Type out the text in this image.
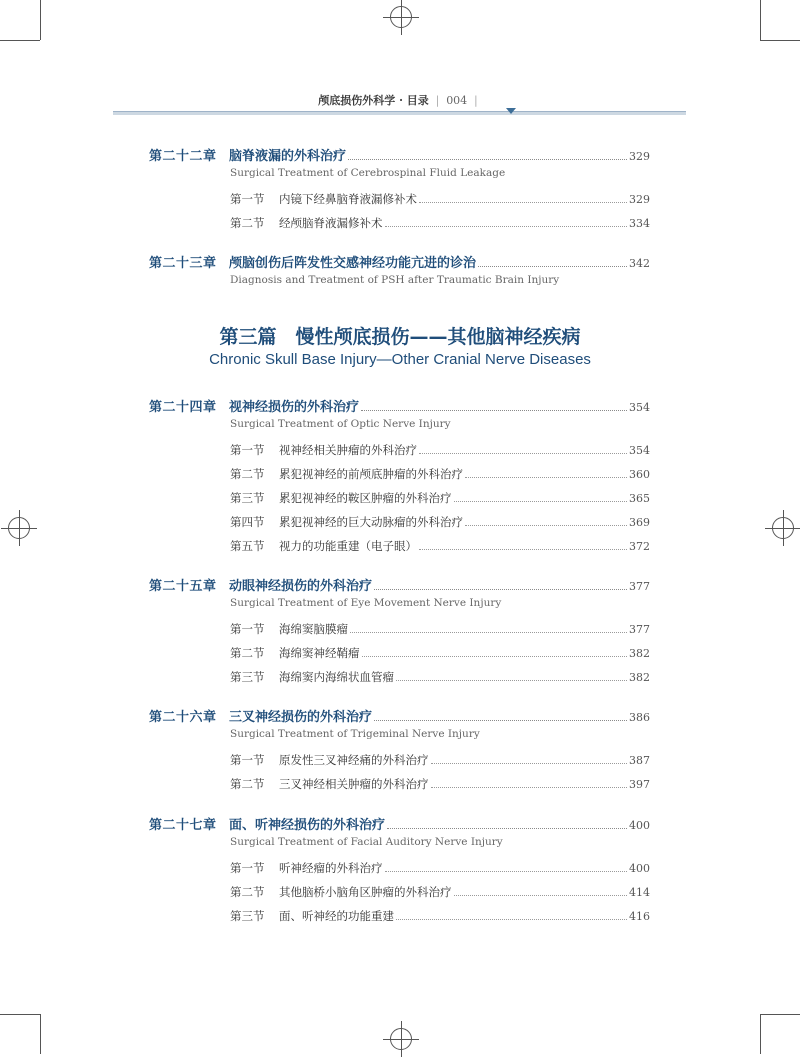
颅底损伤外科学 · 目录 | 004 |
第二十二章 脑脊液漏的外科治疗	329
Surgical Treatment of Cerebrospinal Fluid Leakage
第一节	内镜下经鼻脑脊液漏修补术	329
第二节	经颅脑脊液漏修补术	334
第二十三章 颅脑创伤后阵发性交感神经功能亢进的诊治	342
Diagnosis and Treatment of PSH after Traumatic Brain Injury
第二十四章 视神经损伤的外科治疗	354
Surgical Treatment of Optic Nerve Injury
第一节	视神经相关肿瘤的外科治疗	354
第二节	累犯视神经的前颅底肿瘤的外科治疗	360
第三节	累犯视神经的鞍区肿瘤的外科治疗	365
第四节	累犯视神经的巨大动脉瘤的外科治疗	369
第五节	视力的功能重建（电子眼）	372
第二十五章 动眼神经损伤的外科治疗	377
Surgical Treatment of Eye Movement Nerve Injury
第一节	海绵窦脑膜瘤	377
第二节	海绵窦神经鞘瘤	382
第三节	海绵窦内海绵状血管瘤	382
第二十六章 三叉神经损伤的外科治疗	386
Surgical Treatment of Trigeminal Nerve Injury
第一节	原发性三叉神经痛的外科治疗	387
第二节	三叉神经相关肿瘤的外科治疗	397
第二十七章 面、听神经损伤的外科治疗	400
Surgical Treatment of Facial Auditory Nerve Injury
第一节	听神经瘤的外科治疗	400
第二节	其他脑桥小脑角区肿瘤的外科治疗	414
第三节	面、听神经的功能重建	416
第三篇　慢性颅底损伤——其他脑神经疾病
Chronic Skull Base Injury—Other Cranial Nerve Diseases
